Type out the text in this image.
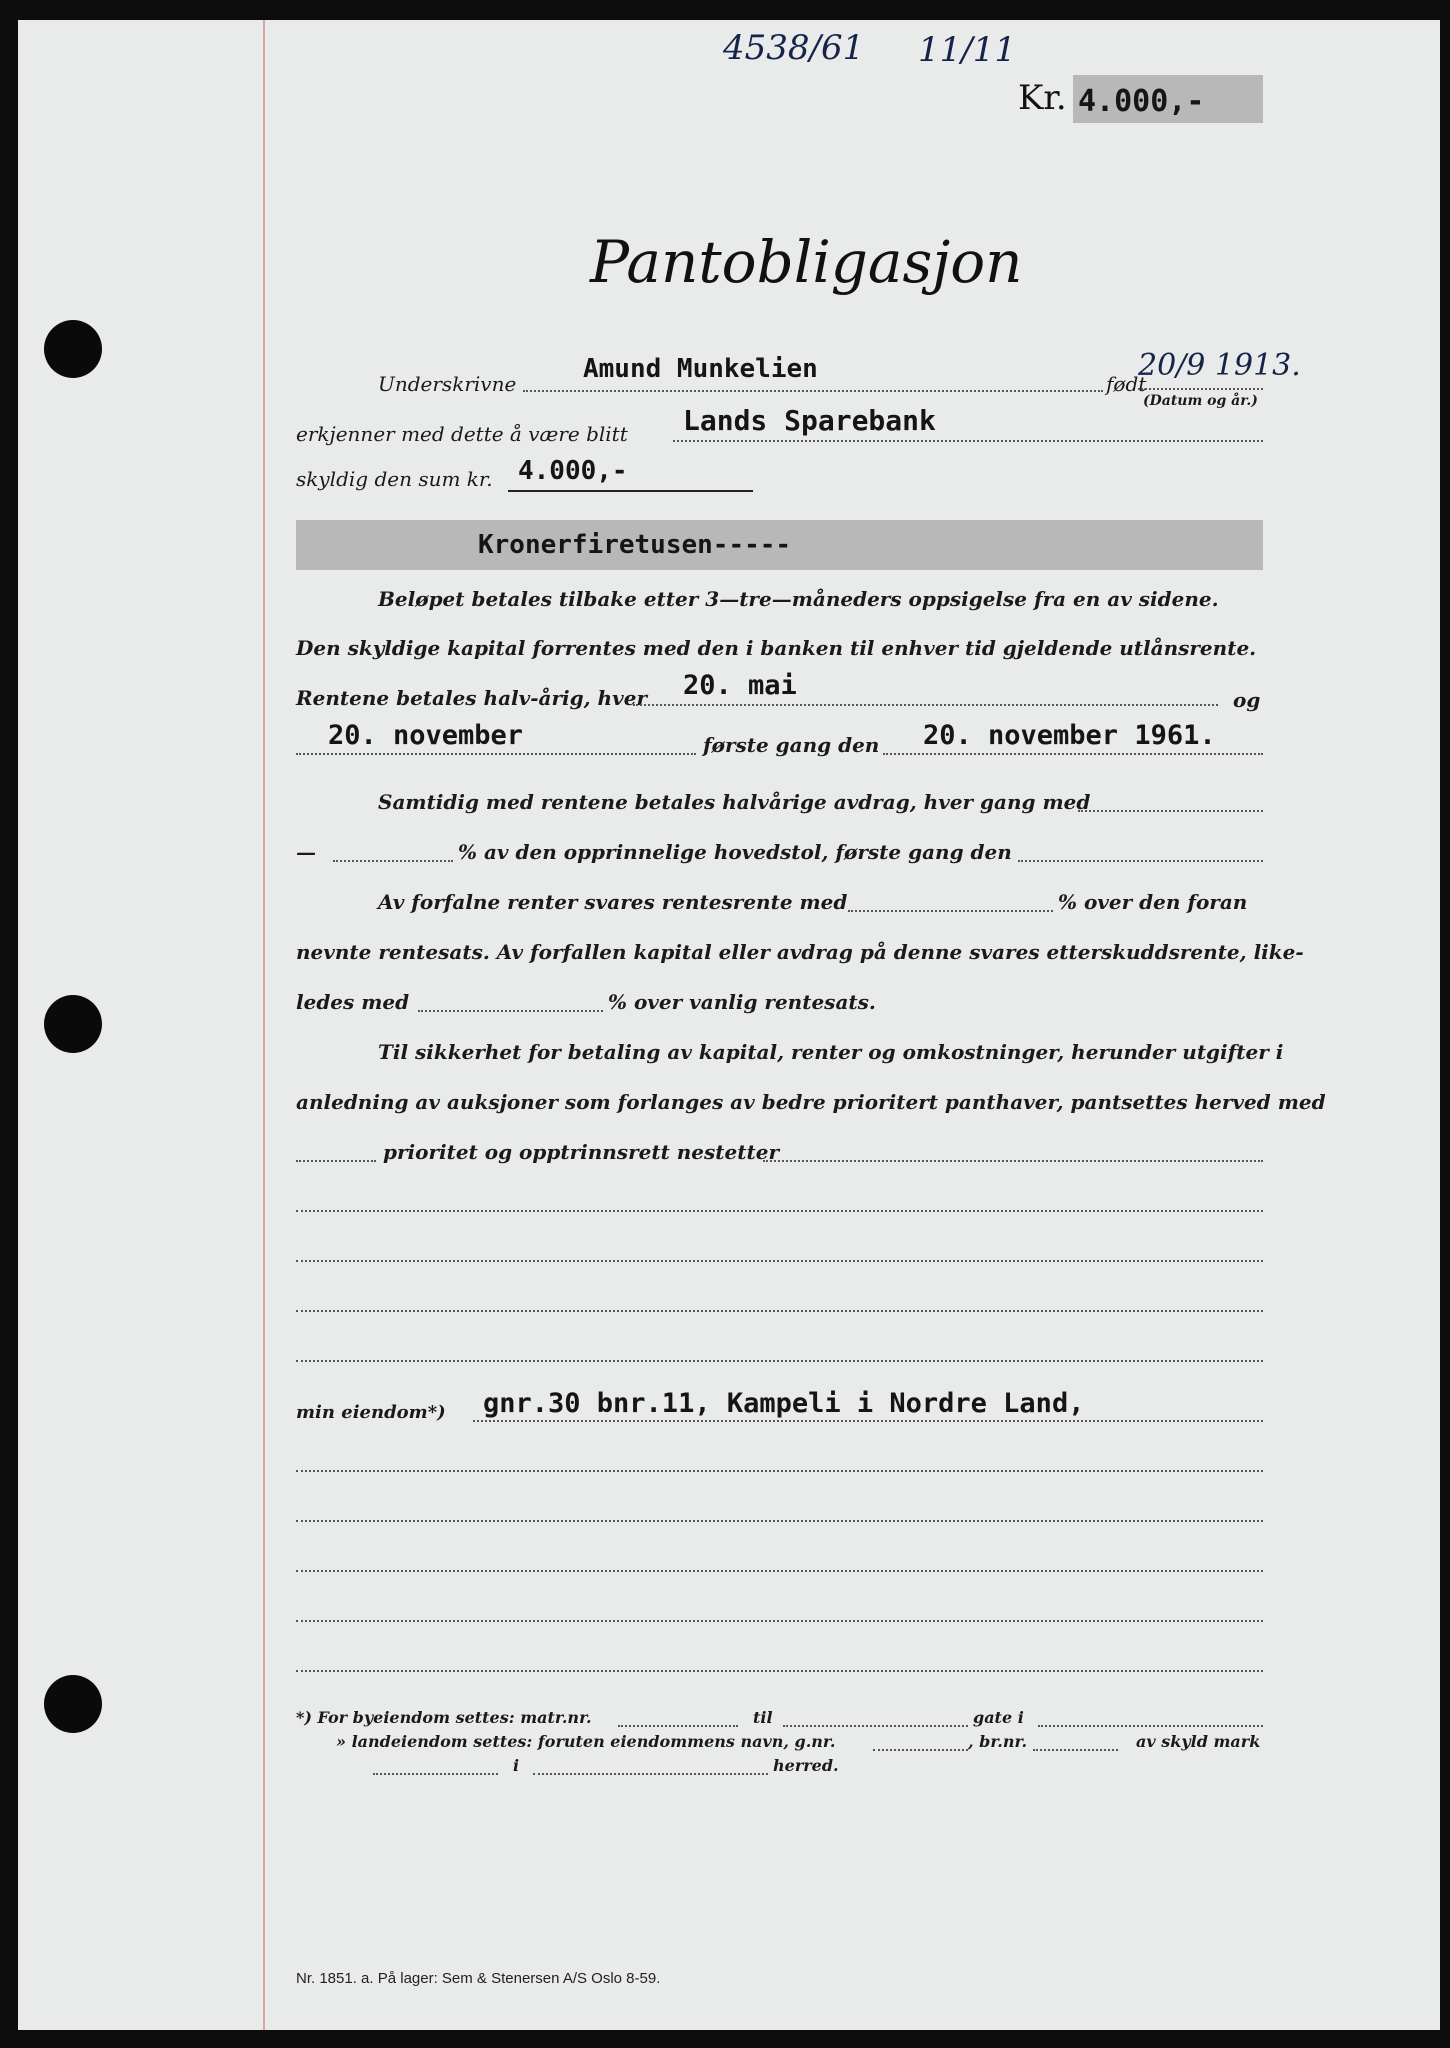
4538/61 11/11
Kr. 4.000,-
Pantobligasjon
Underskrivne	Amund Munkelien	født
20/9 1913.
(Datum og år.)
erkjenner med dette å være blitt Lands Sparebank
skyldig den sum kr. 4.000,-
Kronerfiretusen-----
Beløpet betales tilbake etter 3—tre—måneders oppsigelse fra en av sidene.
Den skyldige kapital forrentes med den i banken til enhver tid gjeldende utlånsrente.
Rentene betales halv-årig, hver 20. mai	og
20. november	første gang den 20. november 1961.
Samtidig med rentene betales halvårige avdrag, hver gang med
—	% av den opprinnelige hovedstol, første gang den
Av forfalne renter svares rentesrente med	% over den foran
nevnte rentesats. Av forfallen kapital eller avdrag på denne svares etterskuddsrente, like-
ledes med	% over vanlig rentesats.
Til sikkerhet for betaling av kapital, renter og omkostninger, herunder utgifter i
anledning av auksjoner som forlanges av bedre prioritert panthaver, pantsettes herved med
prioritet og opptrinnsrett nestetter
min eiendom*) gnr.30 bnr.11, Kampeli i Nordre Land,
*) For byeiendom settes: matr.nr.	til	gate i
» landeiendom settes: foruten eiendommens navn, g.nr.	, br.nr.	av skyld mark
i	herred.
Nr. 1851. a. På lager: Sem & Stenersen A/S Oslo 8-59.
